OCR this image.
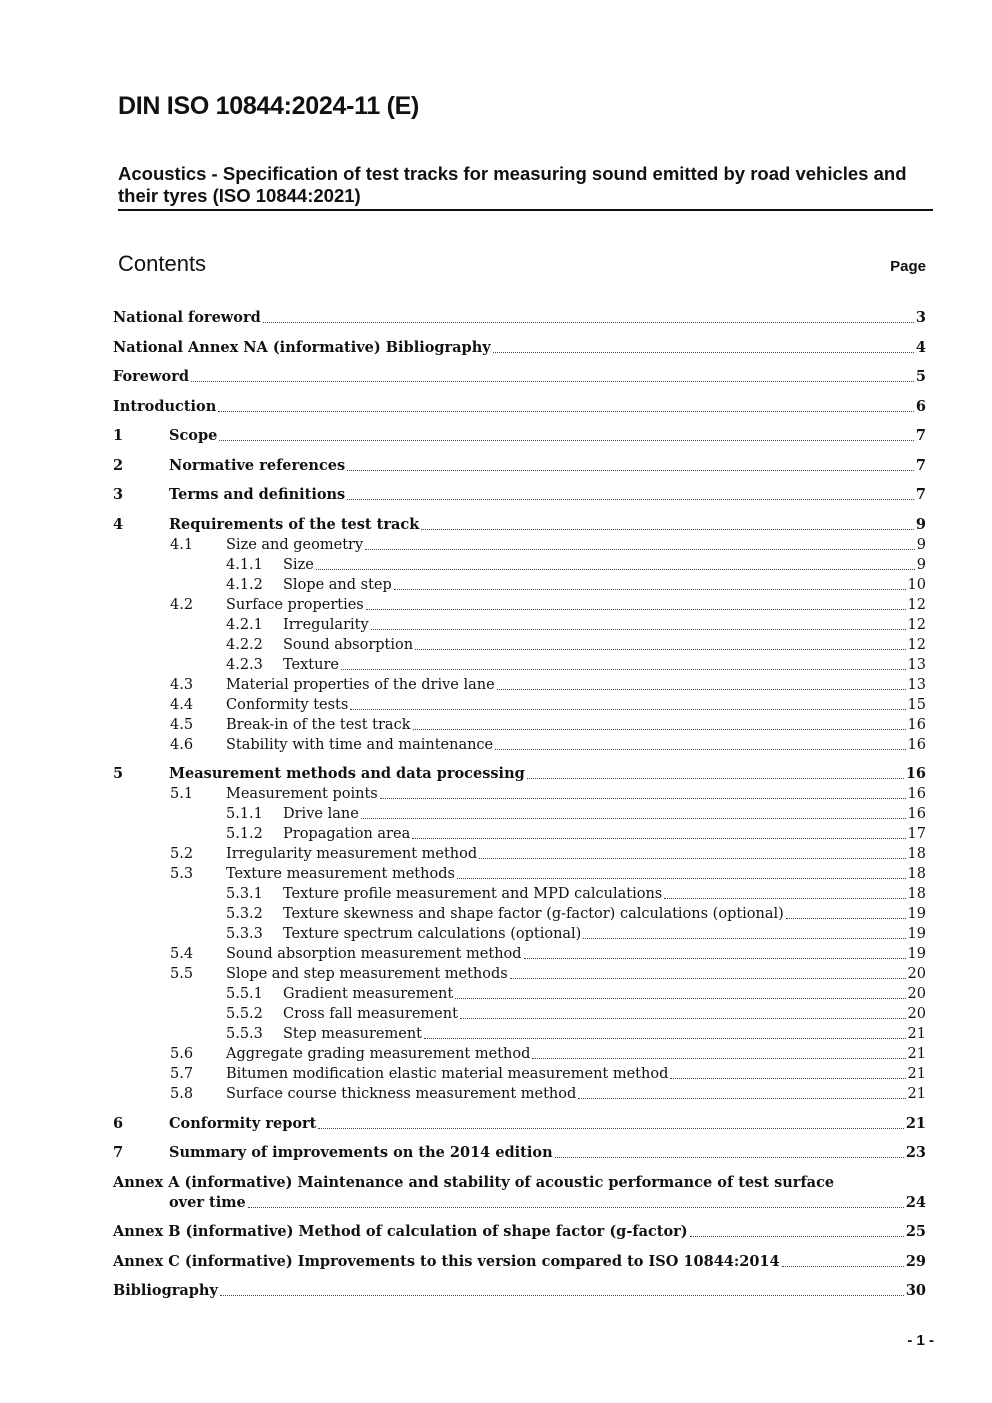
DIN ISO 10844:2024-11 (E)
Acoustics - Specification of test tracks for measuring sound emitted by road vehicles and their tyres (ISO 10844:2021)
Contents	Page
National foreword	3
National Annex NA (informative) Bibliography	4
Foreword	5
Introduction	6
1	Scope	7
2	Normative references	7
3	Terms and definitions	7
4	Requirements of the test track	9
4.1 Size and geometry	9
4.1.1 Size	9
4.1.2 Slope and step	10
4.2 Surface properties	12
4.2.1 Irregularity	12
4.2.2 Sound absorption	12
4.2.3 Texture	13
4.3 Material properties of the drive lane	13
4.4 Conformity tests	15
4.5 Break-in of the test track	16
4.6 Stability with time and maintenance	16
5	Measurement methods and data processing	16
5.1 Measurement points	16
5.1.1 Drive lane	16
5.1.2 Propagation area	17
5.2 Irregularity measurement method	18
5.3 Texture measurement methods	18
5.3.1 Texture profile measurement and MPD calculations	18
5.3.2 Texture skewness and shape factor (g-factor) calculations (optional)	19
5.3.3 Texture spectrum calculations (optional)	19
5.4 Sound absorption measurement method	19
5.5 Slope and step measurement methods	20
5.5.1 Gradient measurement	20
5.5.2 Cross fall measurement	20
5.5.3 Step measurement	21
5.6 Aggregate grading measurement method	21
5.7 Bitumen modification elastic material measurement method	21
5.8 Surface course thickness measurement method	21
6	Conformity report	21
7	Summary of improvements on the 2014 edition	23
Annex A (informative) Maintenance and stability of acoustic performance of test surface
over time	24
Annex B (informative) Method of calculation of shape factor (g-factor)	25
Annex C (informative) Improvements to this version compared to ISO 10844:2014	29
Bibliography	30
- 1 -
